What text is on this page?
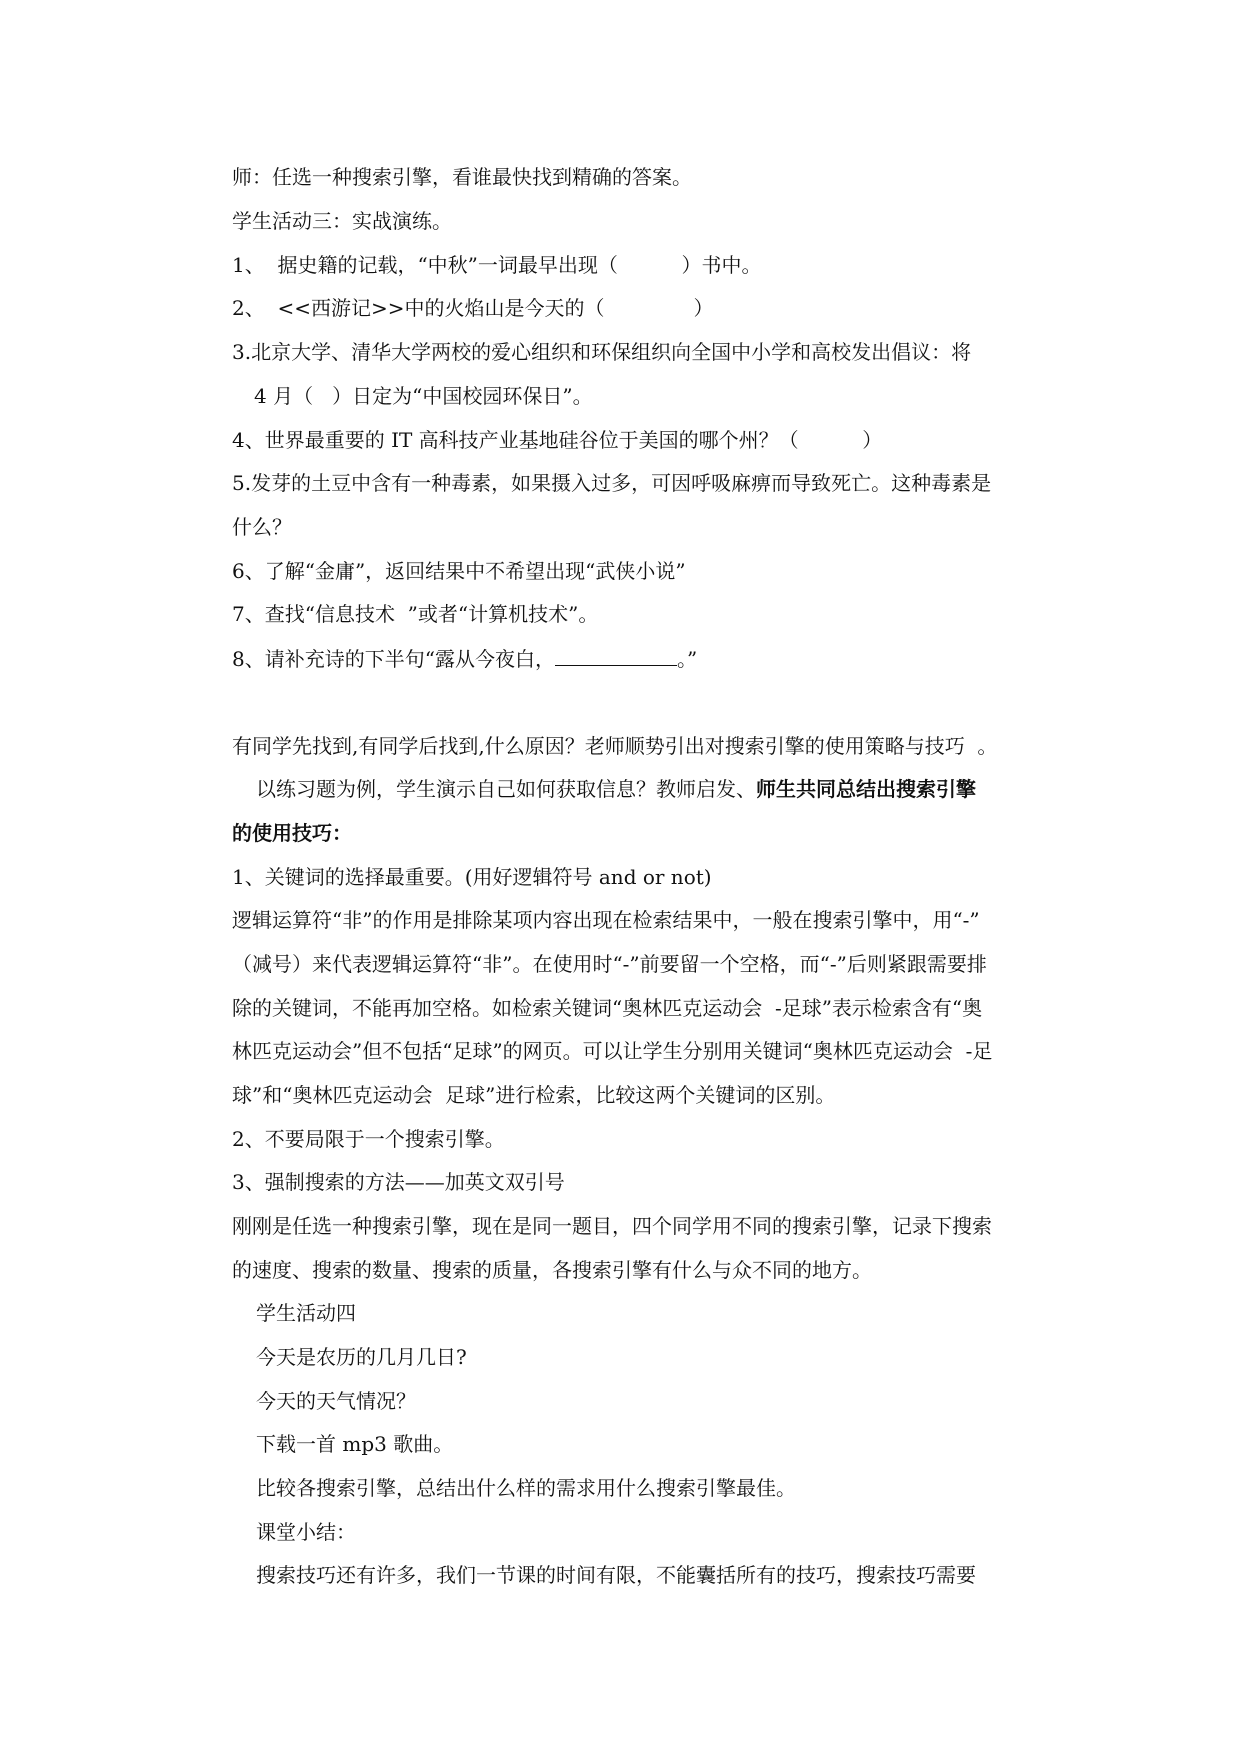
师：任选一种搜索引擎，看谁最快找到精确的答案。
学生活动三：实战演练。
1、  据史籍的记载，“中秋”一词最早出现（          ）书中。
2、  <<西游记>>中的火焰山是今天的（              ）
3.北京大学、清华大学两校的爱心组织和环保组织向全国中小学和高校发出倡议：将
4 月（   ）日定为“中国校园环保日”。
4、世界最重要的 IT 高科技产业基地硅谷位于美国的哪个州？（          ）
5.发芽的土豆中含有一种毒素，如果摄入过多，可因呼吸麻痹而导致死亡。这种毒素是
什么？
6、了解“金庸”，返回结果中不希望出现“武侠小说”
7、查找“信息技术  ”或者“计算机技术”。
8、请补充诗的下半句“露从今夜白，	。”
有同学先找到,有同学后找到,什么原因？老师顺势引出对搜索引擎的使用策略与技巧  。
以练习题为例，学生演示自己如何获取信息？教师启发、师生共同总结出搜索引擎
的使用技巧：
1、关键词的选择最重要。(用好逻辑符号 and or not)
逻辑运算符“非”的作用是排除某项内容出现在检索结果中，一般在搜索引擎中，用“-”
（减号）来代表逻辑运算符“非”。在使用时“-”前要留一个空格，而“-”后则紧跟需要排
除的关键词，不能再加空格。如检索关键词“奥林匹克运动会  -足球”表示检索含有“奥
林匹克运动会”但不包括“足球”的网页。可以让学生分别用关键词“奥林匹克运动会  -足
球”和“奥林匹克运动会  足球”进行检索，比较这两个关键词的区别。
2、不要局限于一个搜索引擎。
3、强制搜索的方法——加英文双引号
刚刚是任选一种搜索引擎，现在是同一题目，四个同学用不同的搜索引擎，记录下搜索
的速度、搜索的数量、搜索的质量，各搜索引擎有什么与众不同的地方。
学生活动四
今天是农历的几月几日?
今天的天气情况？
下载一首 mp3 歌曲。
比较各搜索引擎，总结出什么样的需求用什么搜索引擎最佳。
课堂小结：
搜索技巧还有许多，我们一节课的时间有限，不能囊括所有的技巧，搜索技巧需要
